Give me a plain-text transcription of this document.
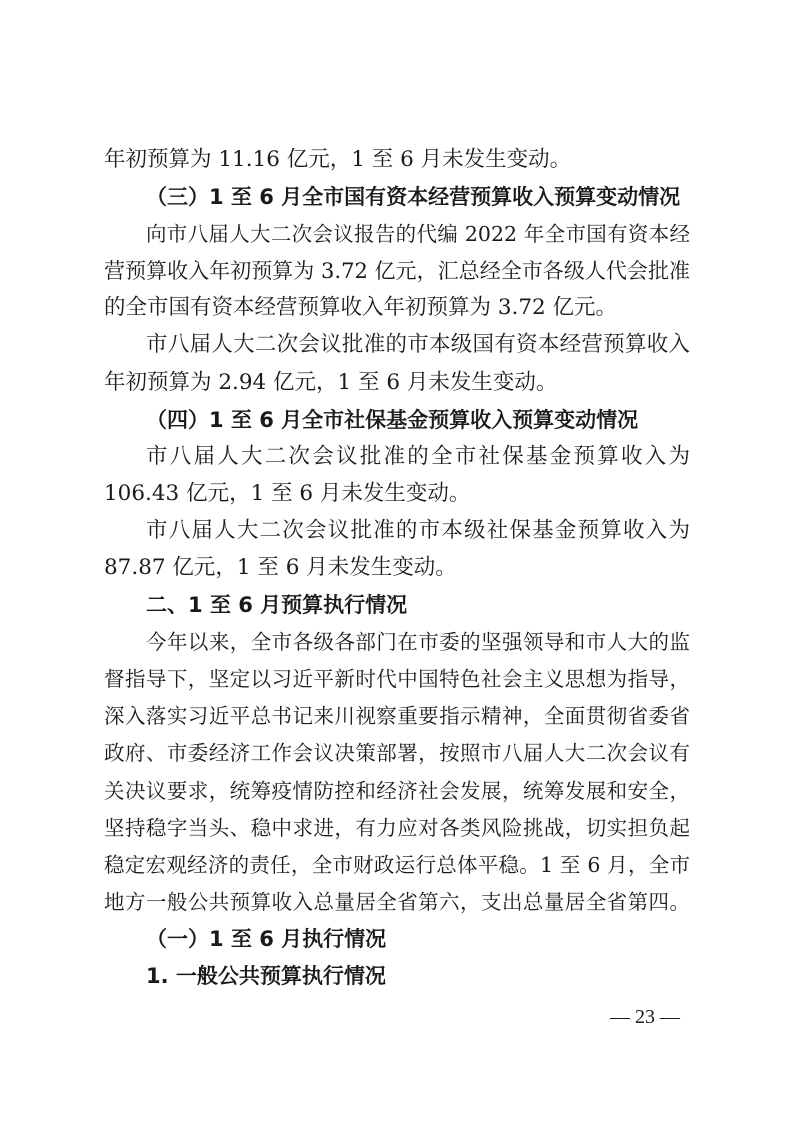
年初预算为 11.16 亿元，1 至 6 月未发生变动。
（三）1 至 6 月全市国有资本经营预算收入预算变动情况
向市八届人大二次会议报告的代编 2022 年全市国有资本经
营预算收入年初预算为 3.72 亿元，汇总经全市各级人代会批准
的全市国有资本经营预算收入年初预算为 3.72 亿元。
市八届人大二次会议批准的市本级国有资本经营预算收入
年初预算为 2.94 亿元，1 至 6 月未发生变动。
（四）1 至 6 月全市社保基金预算收入预算变动情况
市八届人大二次会议批准的全市社保基金预算收入为
106.43 亿元，1 至 6 月未发生变动。
市八届人大二次会议批准的市本级社保基金预算收入为
87.87 亿元，1 至 6 月未发生变动。
二、1 至 6 月预算执行情况
今年以来，全市各级各部门在市委的坚强领导和市人大的监
督指导下，坚定以习近平新时代中国特色社会主义思想为指导，
深入落实习近平总书记来川视察重要指示精神，全面贯彻省委省
政府、市委经济工作会议决策部署，按照市八届人大二次会议有
关决议要求，统筹疫情防控和经济社会发展，统筹发展和安全，
坚持稳字当头、稳中求进，有力应对各类风险挑战，切实担负起
稳定宏观经济的责任，全市财政运行总体平稳。1 至 6 月，全市
地方一般公共预算收入总量居全省第六，支出总量居全省第四。
（一）1 至 6 月执行情况
1. 一般公共预算执行情况
— 23 —
